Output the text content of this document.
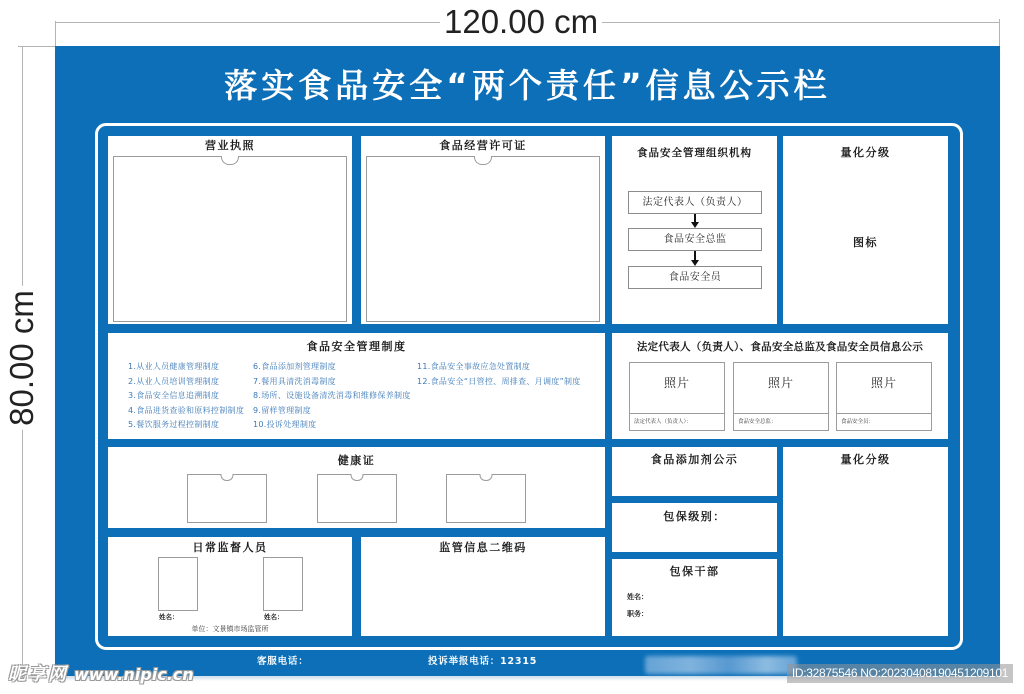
120.00 cm
80.00 cm
落实食品安全“两个责任”信息公示栏
营业执照	食品经营许可证
食品安全管理组织机构
法定代表人（负责人）
食品安全总监
食品安全员
量化分级
图标
食品安全管理制度
1.从业人员健康管理制度
2.从业人员培训管理制度
3.食品安全信息追溯制度
4.食品进货查验和原料控制制度
5.餐饮服务过程控制制度
6.食品添加剂管理制度
7.餐用具清洗消毒制度
8.场所、设施设备清洗消毒和维修保养制度
9.留样管理制度
10.投诉处理制度
11.食品安全事故应急处置制度
12.食品安全“日管控、周排查、月调度”制度
法定代表人（负责人）、食品安全总监及食品安全员信息公示
照片
法定代表人（负责人）：
照片
食品安全总监：
照片
食品安全员：
健康证	食品添加剂公示
包保级别：
包保干部
姓名：
职务：
量化分级
日常监督人员
姓名：	姓名：
单位：文景镇市场监管所
监管信息二维码
客服电话：	投诉举报电话：12315
昵享网 www.nipic.cn	ID:32875546 NO:20230408190451209101
